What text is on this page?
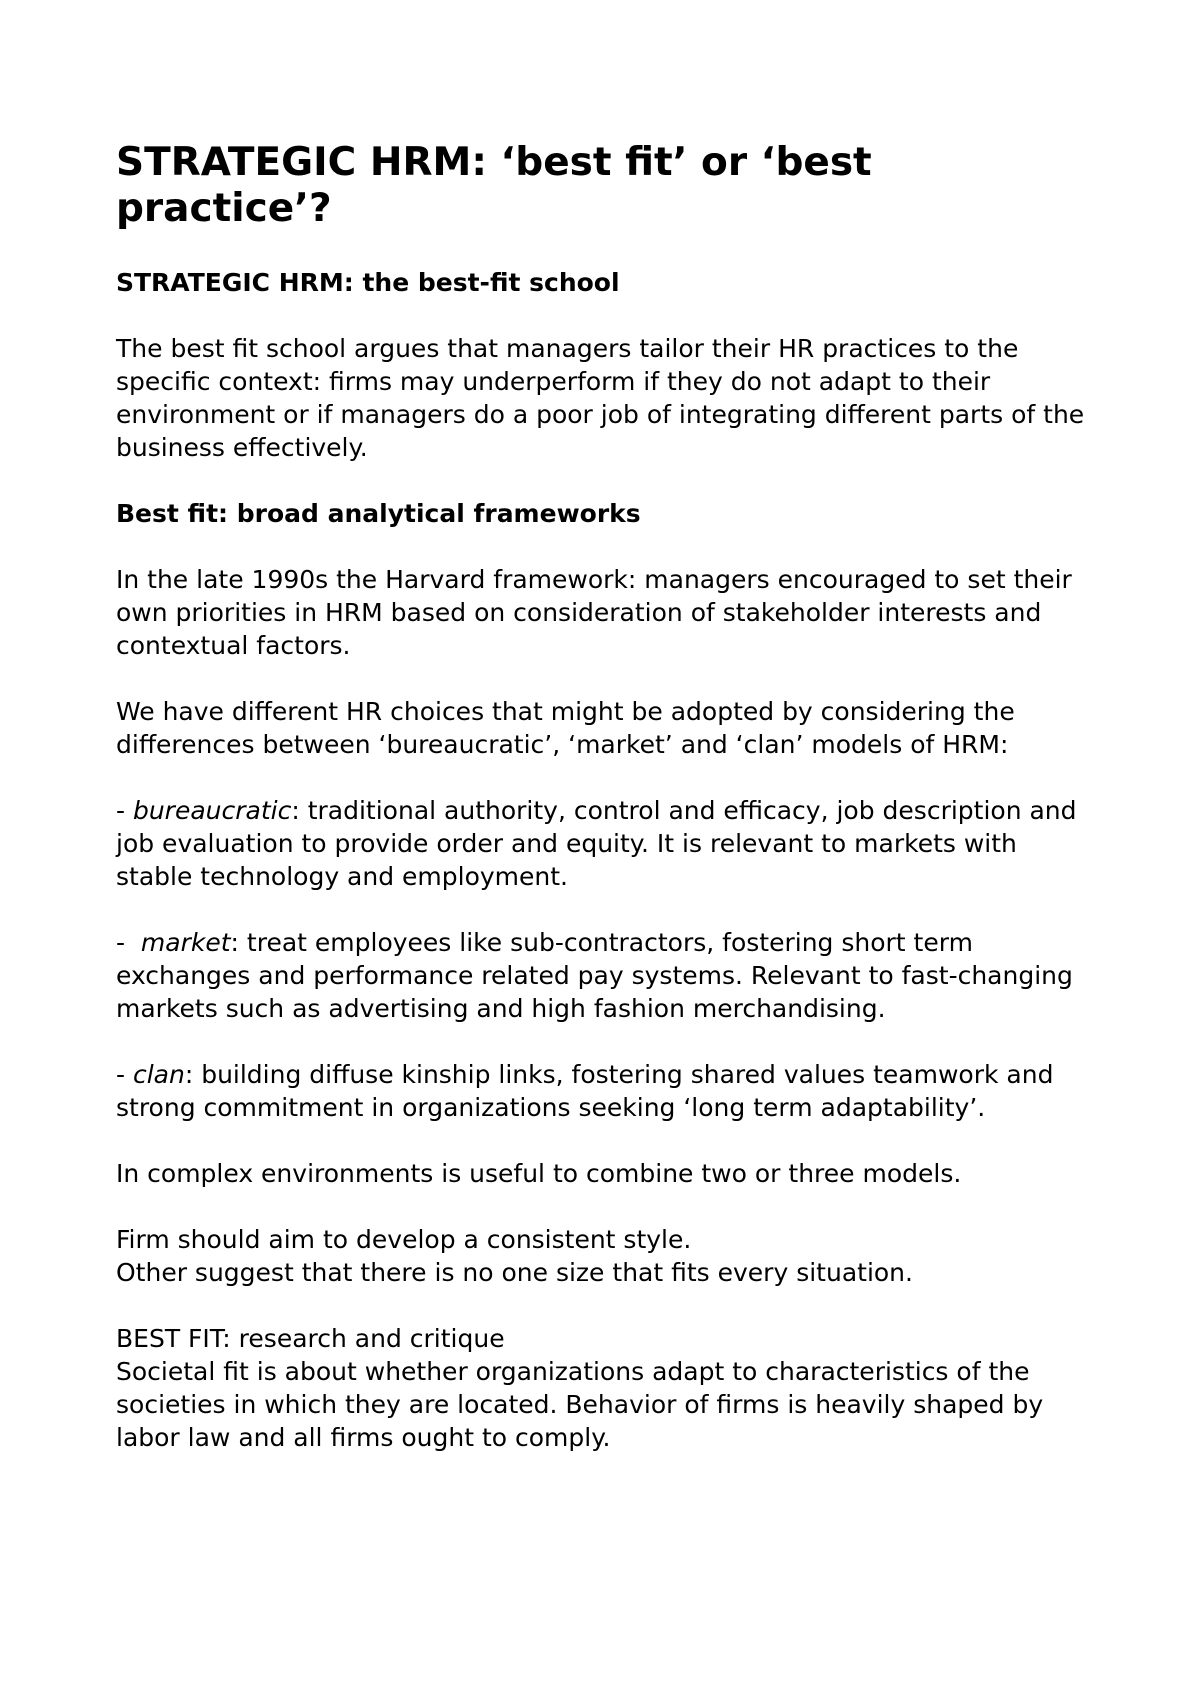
STRATEGIC HRM: ‘best fit’ or ‘best practice’?
STRATEGIC HRM: the best-fit school

The best fit school argues that managers tailor their HR practices to the specific context: firms may underperform if they do not adapt to their environment or if managers do a poor job of integrating different parts of the business effectively.

Best fit: broad analytical frameworks

In the late 1990s the Harvard framework: managers encouraged to set their own priorities in HRM based on consideration of stakeholder interests and contextual factors.

We have different HR choices that might be adopted by considering the differences between ‘bureaucratic’, ‘market’ and ‘clan’ models of HRM:

- bureaucratic: traditional authority, control and efficacy, job description and job evaluation to provide order and equity. It is relevant to markets with stable technology and employment.

-  market: treat employees like sub-contractors, fostering short term exchanges and performance related pay systems. Relevant to fast-changing markets such as advertising and high fashion merchandising.

- clan: building diffuse kinship links, fostering shared values teamwork and strong commitment in organizations seeking ‘long term adaptability’.

In complex environments is useful to combine two or three models.

Firm should aim to develop a consistent style.

Other suggest that there is no one size that fits every situation.

BEST FIT: research and critique

Societal fit is about whether organizations adapt to characteristics of the societies in which they are located. Behavior of firms is heavily shaped by labor law and all firms ought to comply.
